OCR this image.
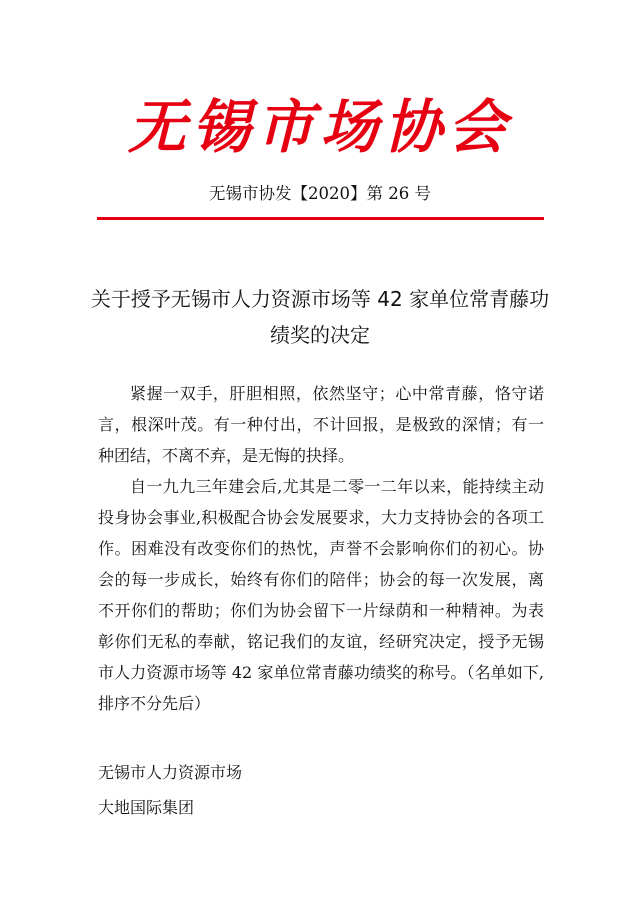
无锡市场协会
无锡市协发【2020】第 26 号
关于授予无锡市人力资源市场等 42 家单位常青藤功绩奖的决定

紧握一双手，肝胆相照，依然坚守；心中常青藤，恪守诺言，根深叶茂。有一种付出，不计回报，是极致的深情；有一种团结，不离不弃，是无悔的抉择。

自一九九三年建会后,尤其是二零一二年以来，能持续主动投身协会事业,积极配合协会发展要求，大力支持协会的各项工作。困难没有改变你们的热忱，声誉不会影响你们的初心。协会的每一步成长，始终有你们的陪伴；协会的每一次发展，离不开你们的帮助；你们为协会留下一片绿荫和一种精神。为表彰你们无私的奉献，铭记我们的友谊，经研究决定，授予无锡市人力资源市场等 42 家单位常青藤功绩奖的称号。（名单如下,排序不分先后）

无锡市人力资源市场
大地国际集团
